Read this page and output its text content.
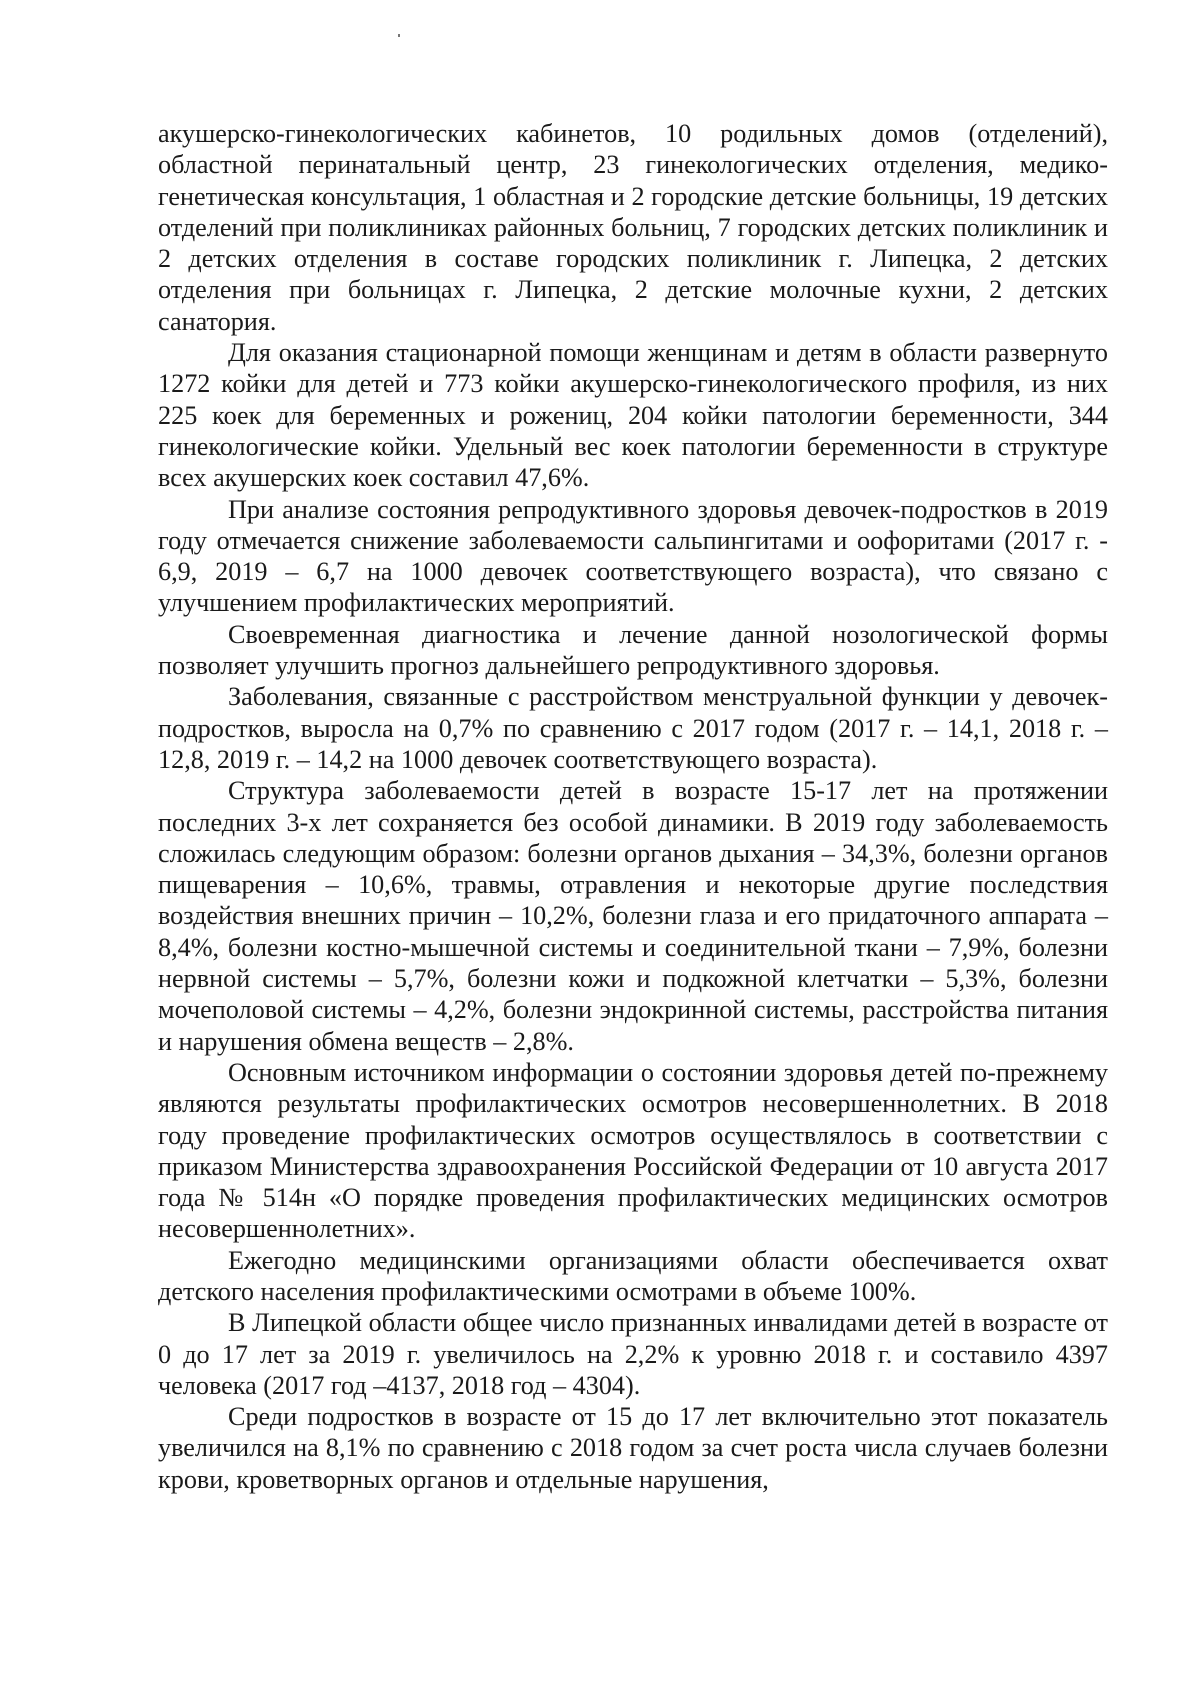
акушерско-гинекологических кабинетов, 10 родильных домов (отделений), областной перинатальный центр, 23 гинекологических отделения, медико-генетическая консультация, 1 областная и 2 городские детские больницы, 19 детских отделений при поликлиниках районных больниц, 7 городских детских поликлиник и 2 детских отделения в составе городских поликлиник г. Липецка, 2 детских отделения при больницах г. Липецка, 2 детские молочные кухни, 2 детских санатория.

Для оказания стационарной помощи женщинам и детям в области развернуто 1272 койки для детей и 773 койки акушерско-гинекологического профиля, из них 225 коек для беременных и рожениц, 204 койки патологии беременности, 344 гинекологические койки. Удельный вес коек патологии беременности в структуре всех акушерских коек составил 47,6%.

При анализе состояния репродуктивного здоровья девочек-подростков в 2019 году отмечается снижение заболеваемости сальпингитами и оофоритами (2017 г. - 6,9, 2019 – 6,7 на 1000 девочек соответствующего возраста), что связано с улучшением профилактических мероприятий.

Своевременная диагностика и лечение данной нозологической формы позволяет улучшить прогноз дальнейшего репродуктивного здоровья.

Заболевания, связанные с расстройством менструальной функции у девочек-подростков, выросла на 0,7% по сравнению с 2017 годом (2017 г. – 14,1, 2018 г. – 12,8, 2019 г. – 14,2 на 1000 девочек соответствующего возраста).

Структура заболеваемости детей в возрасте 15-17 лет на протяжении последних 3-х лет сохраняется без особой динамики. В 2019 году заболеваемость сложилась следующим образом: болезни органов дыхания – 34,3%, болезни органов пищеварения – 10,6%, травмы, отравления и некоторые другие последствия воздействия внешних причин – 10,2%, болезни глаза и его придаточного аппарата – 8,4%, болезни костно-мышечной системы и соединительной ткани – 7,9%, болезни нервной системы – 5,7%, болезни кожи и подкожной клетчатки – 5,3%, болезни мочеполовой системы – 4,2%, болезни эндокринной системы, расстройства питания и нарушения обмена веществ – 2,8%.

Основным источником информации о состоянии здоровья детей по-прежнему являются результаты профилактических осмотров несовершеннолетних. В 2018 году проведение профилактических осмотров осуществлялось в соответствии с приказом Министерства здравоохранения Российской Федерации от 10 августа 2017 года № 514н «О порядке проведения профилактических медицинских осмотров несовершеннолетних».

Ежегодно медицинскими организациями области обеспечивается охват детского населения профилактическими осмотрами в объеме 100%.

В Липецкой области общее число признанных инвалидами детей в возрасте от 0 до 17 лет за 2019 г. увеличилось на 2,2% к уровню 2018 г. и составило 4397 человека (2017 год –4137, 2018 год – 4304).

Среди подростков в возрасте от 15 до 17 лет включительно этот показатель увеличился на 8,1% по сравнению с 2018 годом за счет роста числа случаев болезни крови, кроветворных органов и отдельные нарушения,
